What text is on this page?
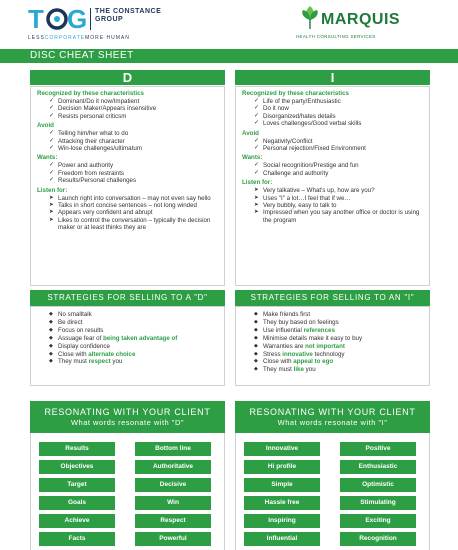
T G THE CONSTANCE GROUP
LESSCORPORATEMORE HUMAN
MARQUIS
HEALTH CONSULTING SERVICES
DISC CHEAT SHEET
D
Recognized by these characteristics
✓ Dominant/Do it now/Impatient
✓ Decision Maker/Appears insensitive
✓ Resists personal criticsm
Avoid
✓ Telling him/her what to do
✓ Attacking their character
✓ Win-lose challenges/ultimatum
Wants:
✓ Power and authority
✓ Freedom from restraints
✓ Results/Personal challenges
Listen for:
➤ Launch right into conversation – may not even say hello
➤ Talks in short concise sentences – not long winded
➤ Appears very confident and abrupt
➤ Likes to control the conversation – typically the decision maker or at least thinks they are
I
Recognized by these characteristics
✓ Life of the party/Enthusiastic
✓ Do it now
✓ Disorganized/hates details
✓ Loves challenges/Good verbal skills
Avoid
✓ Negativity/Conflict
✓ Personal rejection/Fixed Environment
Wants:
✓ Social recognition/Prestige and fun
✓ Challenge and authority
Listen for:
➤ Very talkative – What's up, how are you?
➤ Uses "I" a lot…I feel that if we…
➤ Very bubbly, easy to talk to
➤ Impressed when you say another office or doctor is using the program
STRATEGIES FOR SELLING TO A "D"
◆ No smalltalk
◆ Be direct
◆ Focus on results
◆ Assuage fear of being taken advantage of
◆ Display confidence
◆ Close with alternate choice
◆ They must respect you
STRATEGIES FOR SELLING TO AN "I"
◆ Make friends first
◆ They buy based on feelings
◆ Use influential references
◆ Minimise details make it easy to buy
◆ Warranties are not important
◆ Stress innovative technology
◆ Close with appeal to ego
◆ They must like you
RESONATING WITH YOUR CLIENT
What words resonate with "D"
Results	Bottom line
Objectives	Authoritative
Target	Decisive
Goals	Win
Achieve	Respect
Facts	Powerful
RESONATING WITH YOUR CLIENT
What words resonate with "I"
Innovative	Positive
Hi profile	Enthusiastic
Simple	Optimistic
Hassle free	Stimulating
Inspiring	Exciting
Influential	Recognition
